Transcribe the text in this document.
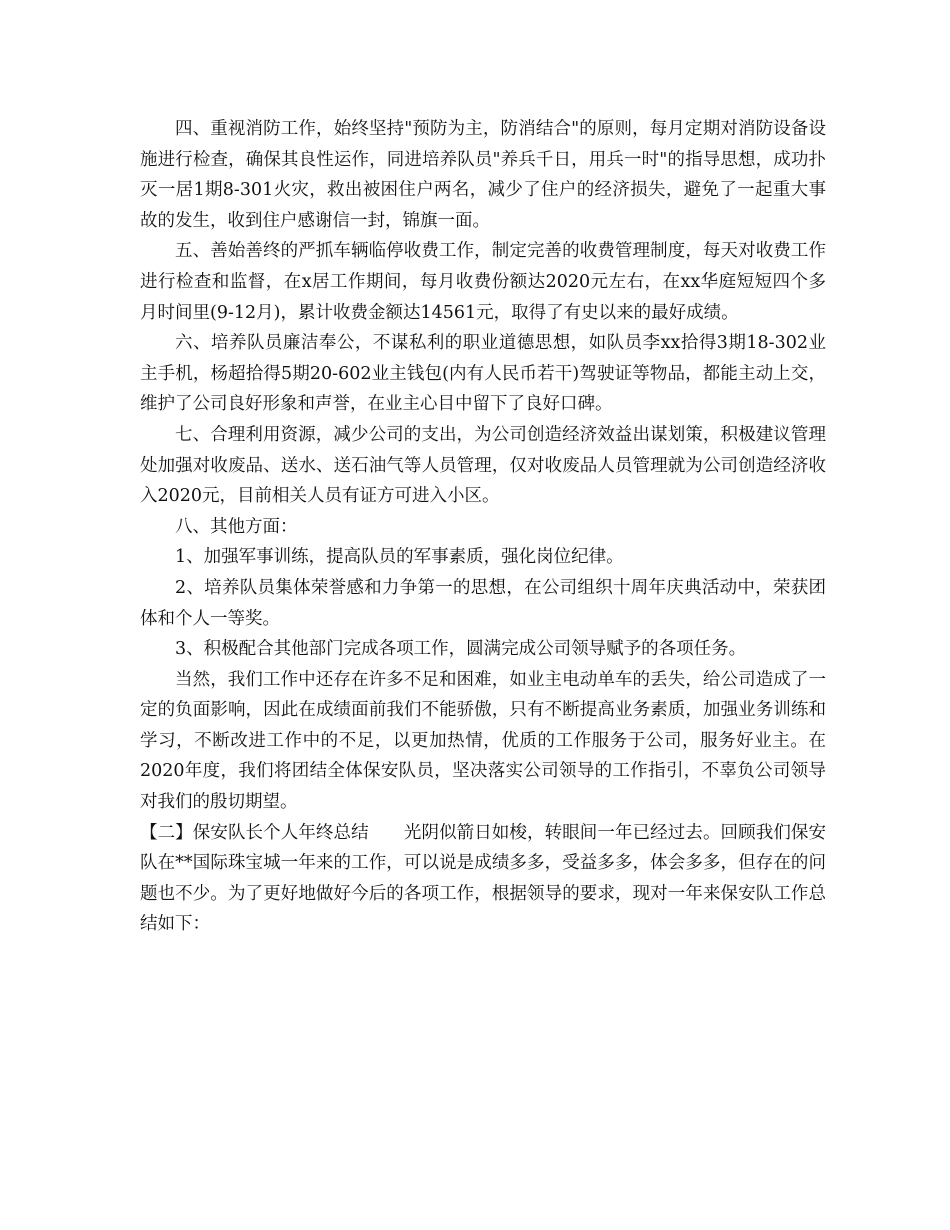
四、重视消防工作，始终坚持"预防为主，防消结合"的原则，每月定期对消防设备设施进行检查，确保其良性运作，同进培养队员"养兵千日，用兵一时"的指导思想，成功扑灭一居1期8-301火灾，救出被困住户两名，减少了住户的经济损失，避免了一起重大事故的发生，收到住户感谢信一封，锦旗一面。

五、善始善终的严抓车辆临停收费工作，制定完善的收费管理制度，每天对收费工作进行检查和监督，在x居工作期间，每月收费份额达2020元左右，在xx华庭短短四个多月时间里(9-12月)，累计收费金额达14561元，取得了有史以来的最好成绩。

六、培养队员廉洁奉公，不谋私利的职业道德思想，如队员李xx拾得3期18-302业主手机，杨超拾得5期20-602业主钱包(内有人民币若干)驾驶证等物品，都能主动上交，维护了公司良好形象和声誉，在业主心目中留下了良好口碑。

七、合理利用资源，减少公司的支出，为公司创造经济效益出谋划策，积极建议管理处加强对收废品、送水、送石油气等人员管理，仅对收废品人员管理就为公司创造经济收入2020元，目前相关人员有证方可进入小区。

八、其他方面：

1、加强军事训练，提高队员的军事素质，强化岗位纪律。

2、培养队员集体荣誉感和力争第一的思想，在公司组织十周年庆典活动中，荣获团体和个人一等奖。

3、积极配合其他部门完成各项工作，圆满完成公司领导赋予的各项任务。

当然，我们工作中还存在许多不足和困难，如业主电动单车的丢失，给公司造成了一定的负面影响，因此在成绩面前我们不能骄傲，只有不断提高业务素质，加强业务训练和学习，不断改进工作中的不足，以更加热情，优质的工作服务于公司，服务好业主。在2020年度，我们将团结全体保安队员，坚决落实公司领导的工作指引，不辜负公司领导对我们的殷切期望。

【二】保安队长个人年终总结　　光阴似箭日如梭，转眼间一年已经过去。回顾我们保安队在**国际珠宝城一年来的工作，可以说是成绩多多，受益多多，体会多多，但存在的问题也不少。为了更好地做好今后的各项工作，根据领导的要求，现对一年来保安队工作总结如下：
